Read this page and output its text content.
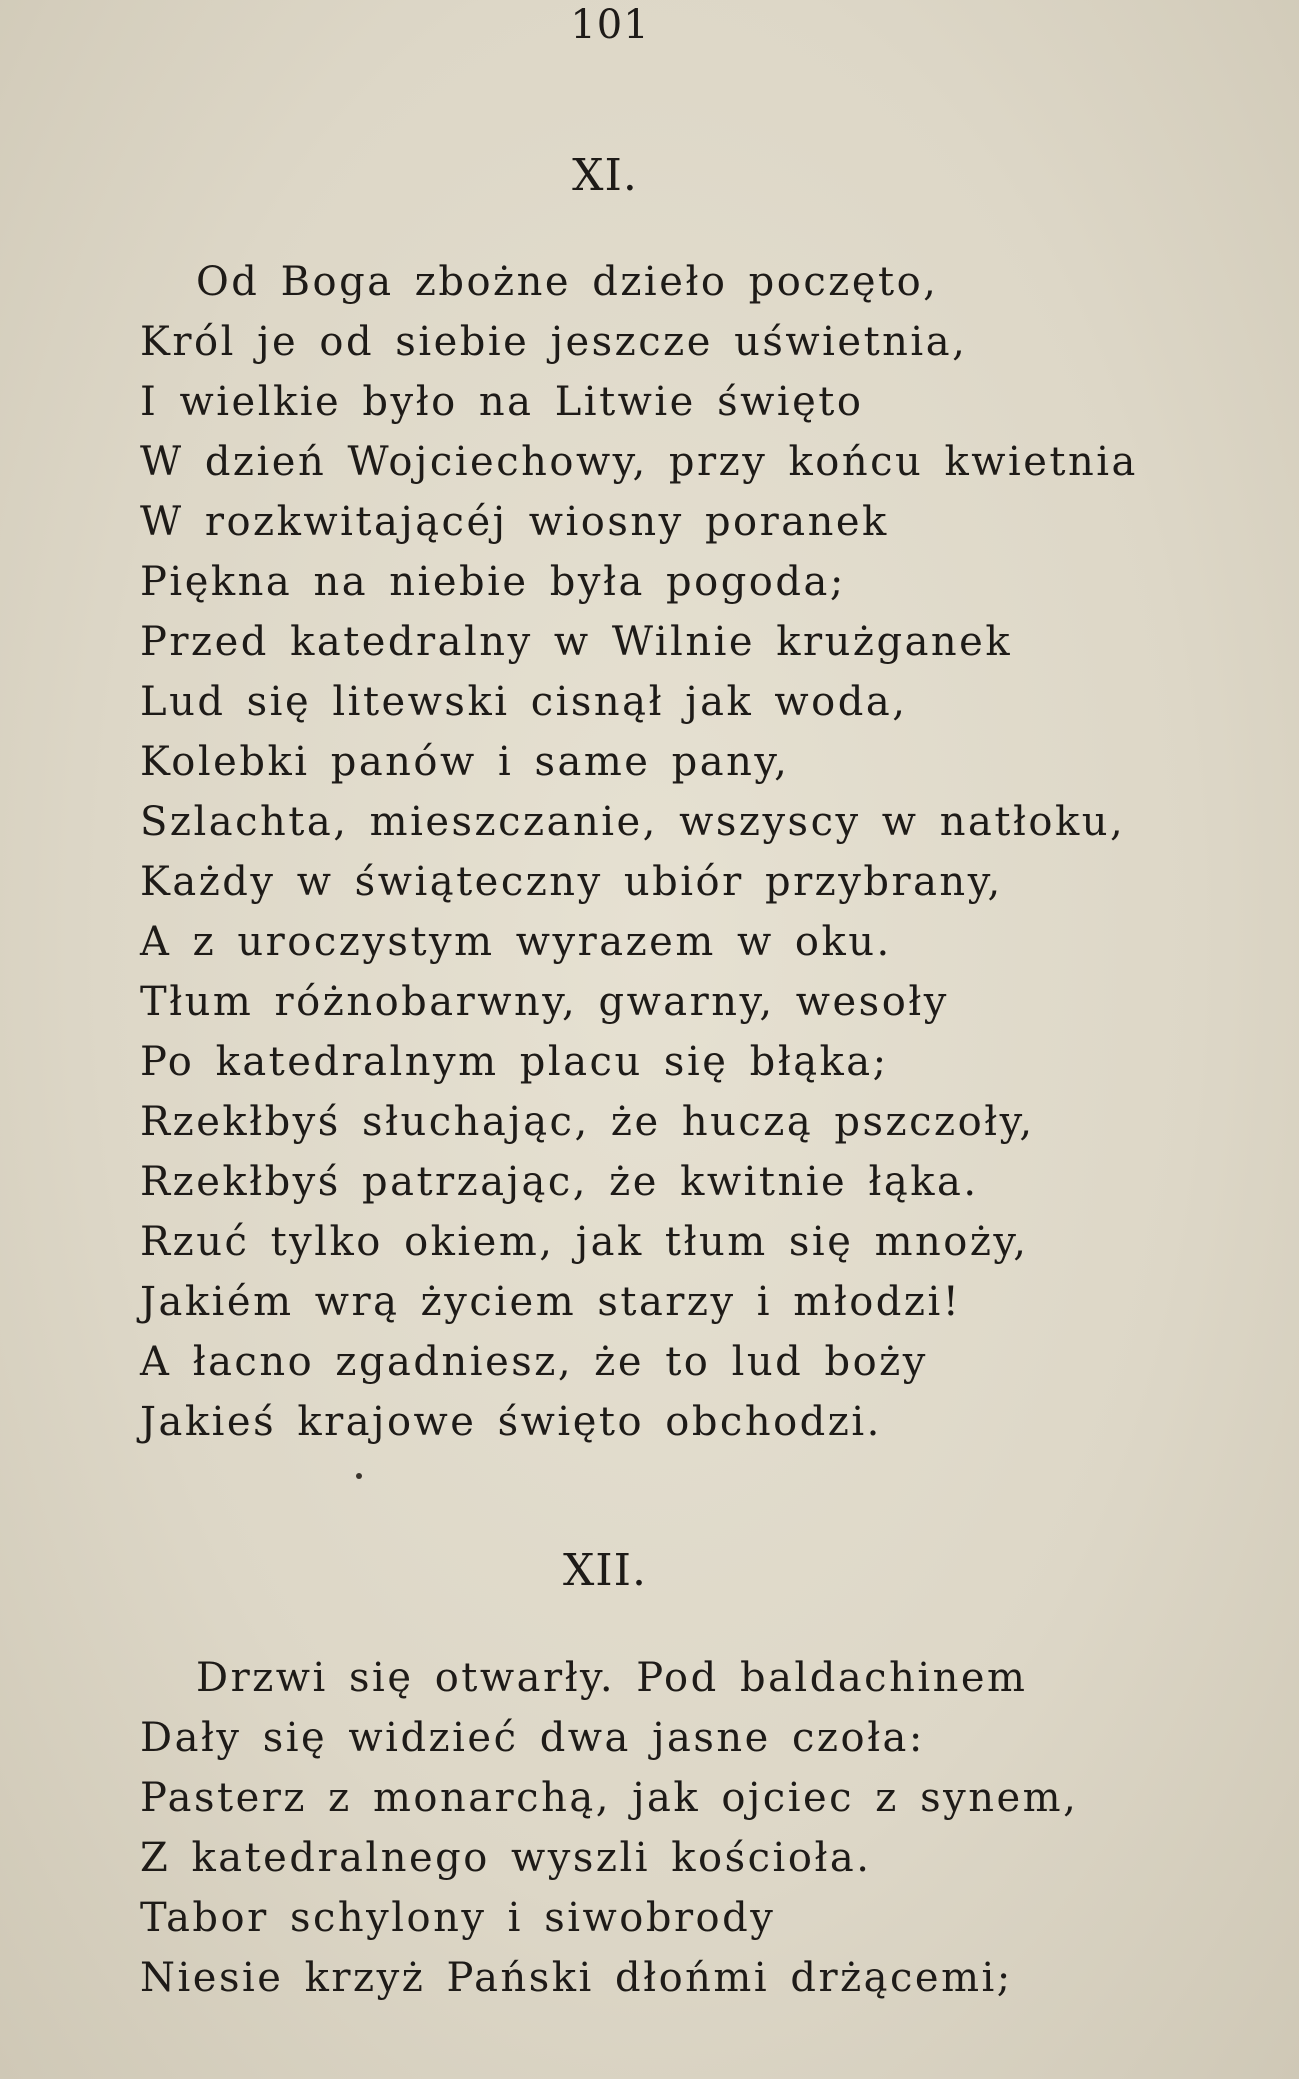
101
XI.
Od Boga zbożne dzieło poczęto,
Król je od siebie jeszcze uświetnia,
I wielkie było na Litwie święto
W dzień Wojciechowy, przy końcu kwietnia
W rozkwitającéj wiosny poranek
Piękna na niebie była pogoda;
Przed katedralny w Wilnie krużganek
Lud się litewski cisnął jak woda,
Kolebki panów i same pany,
Szlachta, mieszczanie, wszyscy w natłoku,
Każdy w świąteczny ubiór przybrany,
A z uroczystym wyrazem w oku.
Tłum różnobarwny, gwarny, wesoły
Po katedralnym placu się błąka;
Rzekłbyś słuchając, że huczą pszczoły,
Rzekłbyś patrzając, że kwitnie łąka.
Rzuć tylko okiem, jak tłum się mnoży,
Jakiém wrą życiem starzy i młodzi!
A łacno zgadniesz, że to lud boży
Jakieś krajowe święto obchodzi.
XII.
Drzwi się otwarły. Pod baldachinem
Dały się widzieć dwa jasne czoła:
Pasterz z monarchą, jak ojciec z synem,
Z katedralnego wyszli kościoła.
Tabor schylony i siwobrody
Niesie krzyż Pański dłońmi drżącemi;
